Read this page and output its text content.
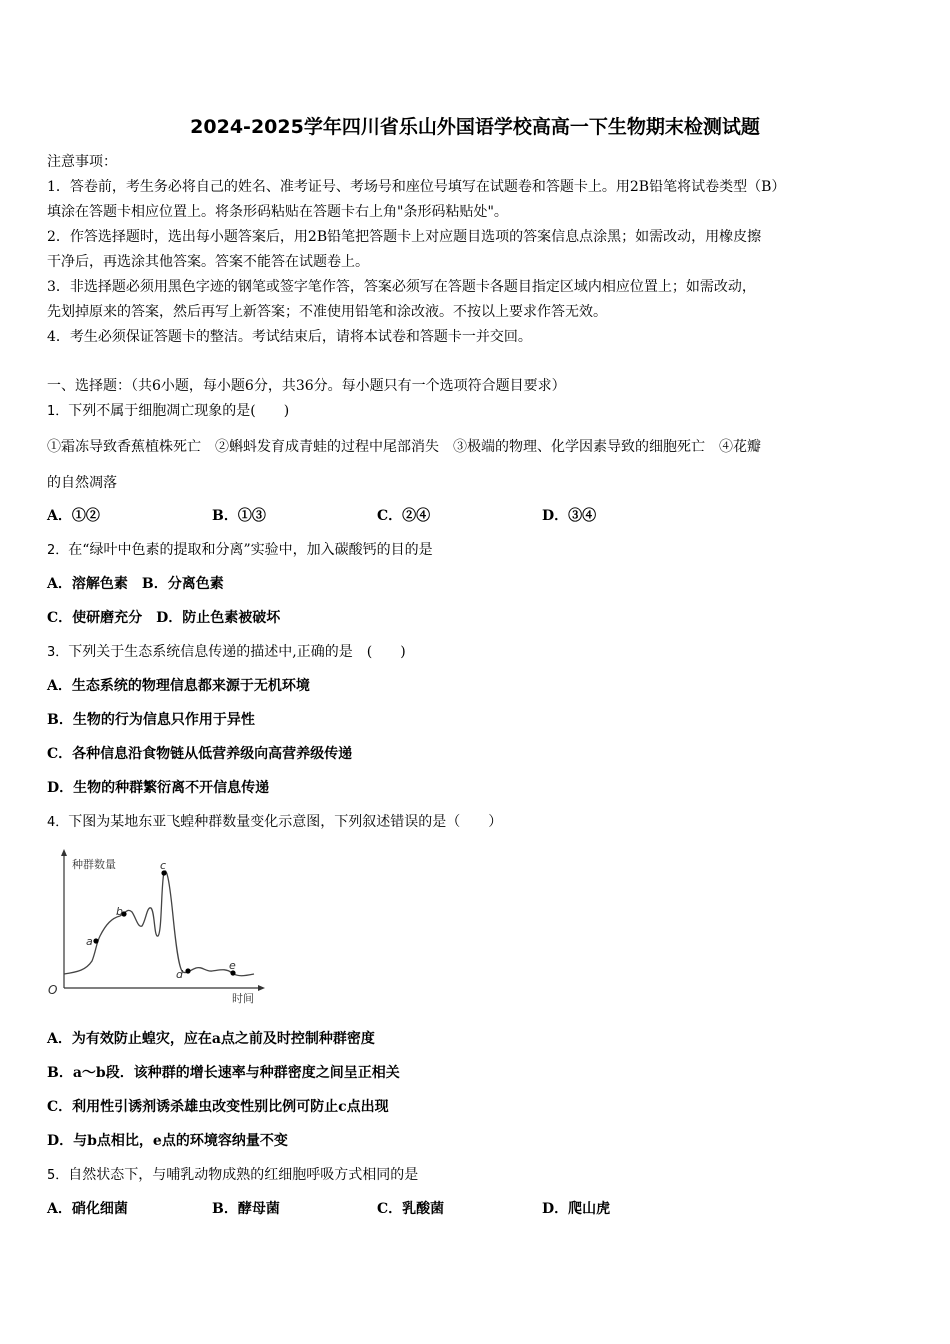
2024-2025学年四川省乐山外国语学校高高一下生物期末检测试题
注意事项：
1．答卷前，考生务必将自己的姓名、准考证号、考场号和座位号填写在试题卷和答题卡上。用2B铅笔将试卷类型（B）
填涂在答题卡相应位置上。将条形码粘贴在答题卡右上角"条形码粘贴处"。
2．作答选择题时，选出每小题答案后，用2B铅笔把答题卡上对应题目选项的答案信息点涂黑；如需改动，用橡皮擦
干净后，再选涂其他答案。答案不能答在试题卷上。
3．非选择题必须用黑色字迹的钢笔或签字笔作答，答案必须写在答题卡各题目指定区域内相应位置上；如需改动，
先划掉原来的答案，然后再写上新答案；不准使用铅笔和涂改液。不按以上要求作答无效。
4．考生必须保证答题卡的整洁。考试结束后，请将本试卷和答题卡一并交回。
一、选择题：（共6小题，每小题6分，共36分。每小题只有一个选项符合题目要求）
1．下列不属于细胞凋亡现象的是(　　)
①霜冻导致香蕉植株死亡　②蝌蚪发育成青蛙的过程中尾部消失　③极端的物理、化学因素导致的细胞死亡　④花瓣
的自然凋落
A．①②	B．①③	C．②④	D．③④
2．在“绿叶中色素的提取和分离”实验中，加入碳酸钙的目的是
A．溶解色素　B．分离色素
C．使研磨充分　D．防止色素被破坏
3．下列关于生态系统信息传递的描述中,正确的是　(　　)
A．生态系统的物理信息都来源于无机环境
B．生物的行为信息只作用于异性
C．各种信息沿食物链从低营养级向高营养级传递
D．生物的种群繁衍离不开信息传递
4．下图为某地东亚飞蝗种群数量变化示意图，下列叙述错误的是（　　）
种群数量
时间
O
a
b
c
d
e
A．为有效防止蝗灾，应在a点之前及时控制种群密度
B．a～b段．该种群的增长速率与种群密度之间呈正相关
C．利用性引诱剂诱杀雄虫改变性别比例可防止c点出现
D．与b点相比，e点的环境容纳量不变
5．自然状态下，与哺乳动物成熟的红细胞呼吸方式相同的是
A．硝化细菌	B．酵母菌	C．乳酸菌	D．爬山虎
